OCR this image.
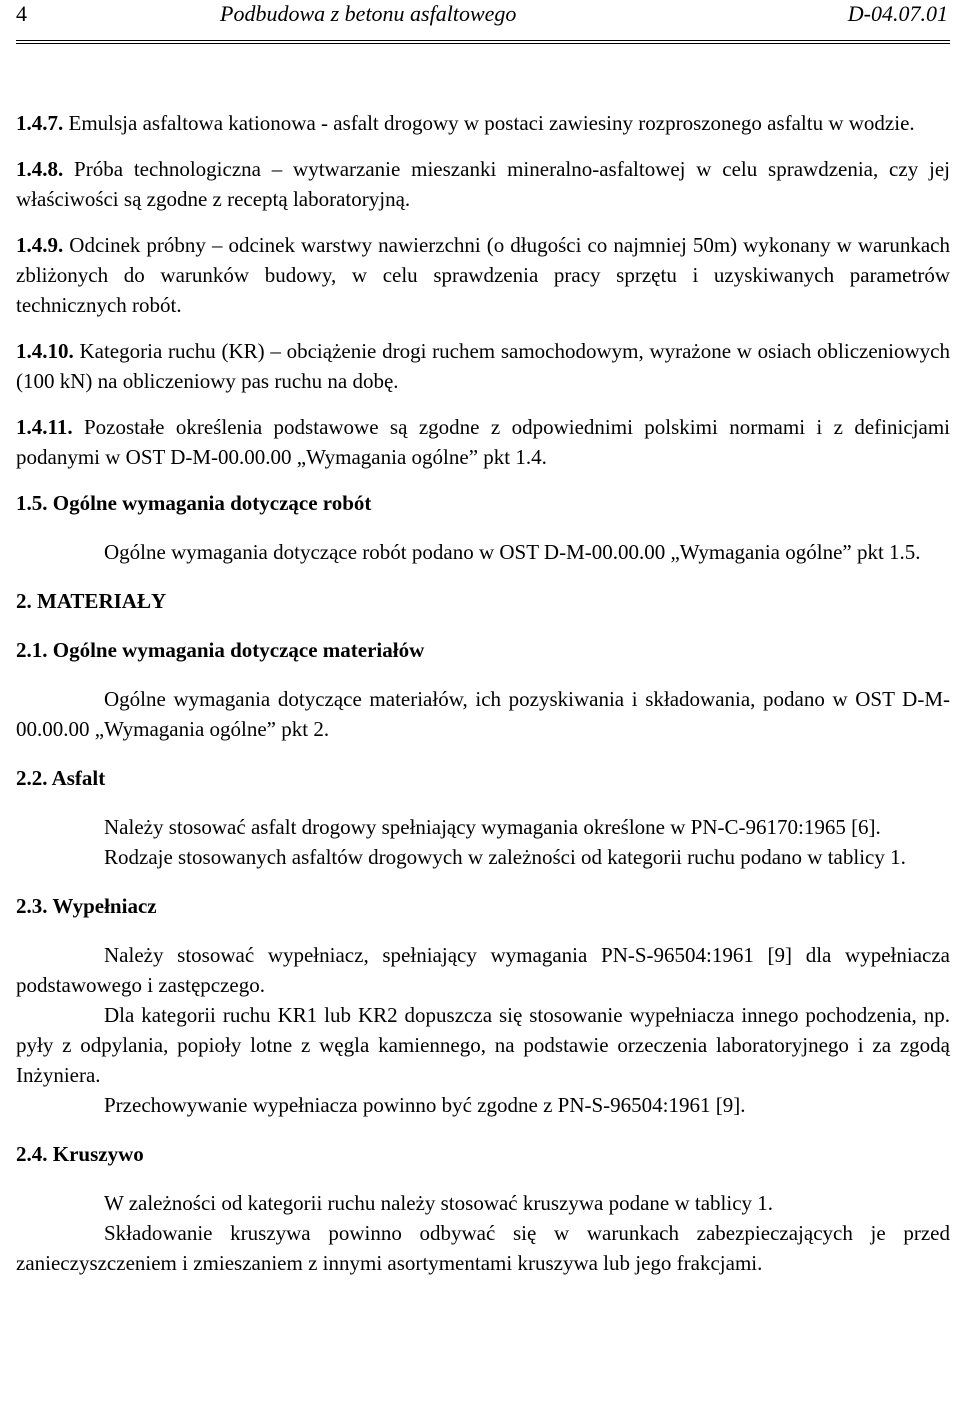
4	Podbudowa z betonu asfaltowego	D-04.07.01

1.4.7. Emulsja asfaltowa kationowa - asfalt drogowy w postaci zawiesiny rozproszonego asfaltu w wodzie.

1.4.8. Próba technologiczna – wytwarzanie mieszanki mineralno-asfaltowej w celu sprawdzenia, czy jej właściwości są zgodne z receptą laboratoryjną.

1.4.9. Odcinek próbny – odcinek warstwy nawierzchni (o długości co najmniej 50m) wykonany w warunkach zbliżonych do warunków budowy, w celu sprawdzenia pracy sprzętu i uzyskiwanych parametrów technicznych robót.

1.4.10. Kategoria ruchu (KR) – obciążenie drogi ruchem samochodowym, wyrażone w osiach obliczeniowych (100 kN) na obliczeniowy pas ruchu na dobę.

1.4.11. Pozostałe określenia podstawowe są zgodne z odpowiednimi polskimi normami i z definicjami podanymi w OST D-M-00.00.00 „Wymagania ogólne” pkt 1.4.

1.5. Ogólne wymagania dotyczące robót

Ogólne wymagania dotyczące robót podano w OST D-M-00.00.00 „Wymagania ogólne” pkt 1.5.

2. MATERIAŁY

2.1. Ogólne wymagania dotyczące materiałów

Ogólne wymagania dotyczące materiałów, ich pozyskiwania i składowania, podano w OST D-M-00.00.00 „Wymagania ogólne” pkt 2.

2.2. Asfalt

Należy stosować asfalt drogowy spełniający wymagania określone w PN-C-96170:1965 [6].

Rodzaje stosowanych asfaltów drogowych w zależności od kategorii ruchu podano w tablicy 1.

2.3. Wypełniacz

Należy stosować wypełniacz, spełniający wymagania PN-S-96504:1961 [9] dla wypełniacza podstawowego i zastępczego.

Dla kategorii ruchu KR1 lub KR2 dopuszcza się stosowanie wypełniacza innego pochodzenia, np. pyły z odpylania, popioły lotne z węgla kamiennego, na podstawie orzeczenia laboratoryjnego i za zgodą Inżyniera.

Przechowywanie wypełniacza powinno być zgodne z PN-S-96504:1961 [9].

2.4. Kruszywo

W zależności od kategorii ruchu należy stosować kruszywa podane w tablicy 1.

Składowanie kruszywa powinno odbywać się w warunkach zabezpieczających je przed zanieczyszczeniem i zmieszaniem z innymi asortymentami kruszywa lub jego frakcjami.
